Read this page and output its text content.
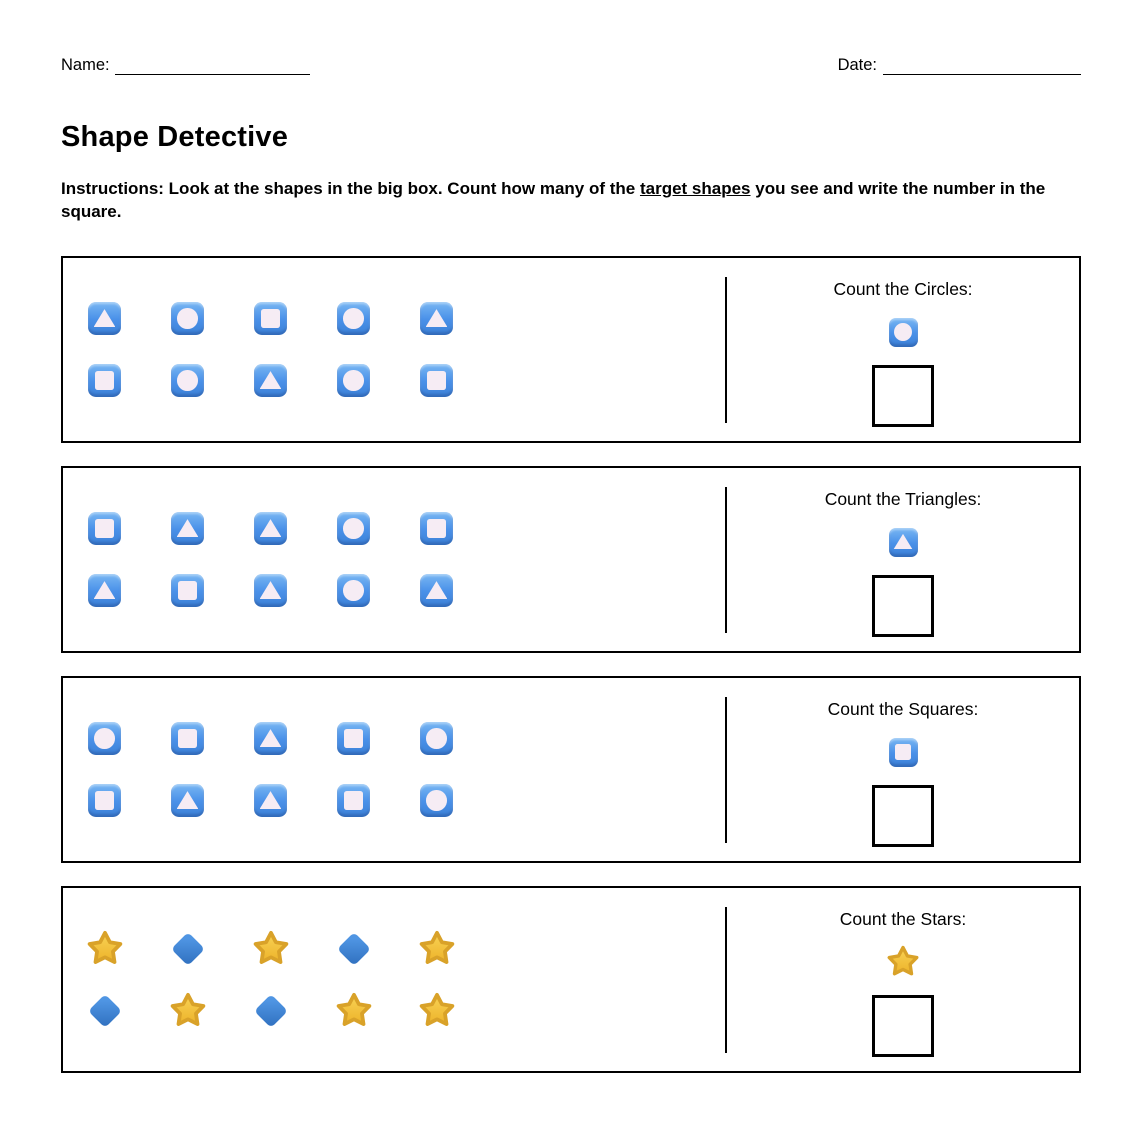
Name:	Date:
Shape Detective

Instructions: Look at the shapes in the big box. Count how many of the target shapes you see and write the number in the square.

Count the Circles:
Count the Triangles:
Count the Squares:
Count the Stars:
